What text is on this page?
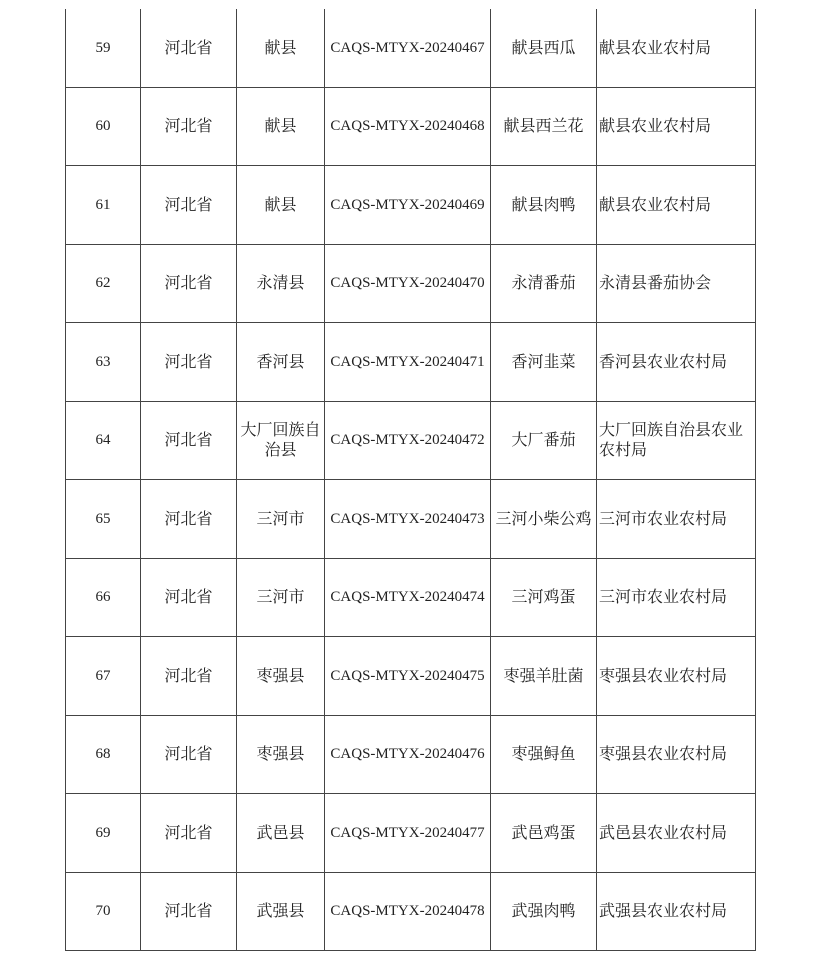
59	河北省	献县	CAQS-MTYX-20240467	献县西瓜	献县农业农村局
60	河北省	献县	CAQS-MTYX-20240468	献县西兰花	献县农业农村局
61	河北省	献县	CAQS-MTYX-20240469	献县肉鸭	献县农业农村局
62	河北省	永清县	CAQS-MTYX-20240470	永清番茄	永清县番茄协会
63	河北省	香河县	CAQS-MTYX-20240471	香河韭菜	香河县农业农村局
64	河北省	大厂回族自治县	CAQS-MTYX-20240472	大厂番茄	大厂回族自治县农业农村局
65	河北省	三河市	CAQS-MTYX-20240473	三河小柴公鸡	三河市农业农村局
66	河北省	三河市	CAQS-MTYX-20240474	三河鸡蛋	三河市农业农村局
67	河北省	枣强县	CAQS-MTYX-20240475	枣强羊肚菌	枣强县农业农村局
68	河北省	枣强县	CAQS-MTYX-20240476	枣强鲟鱼	枣强县农业农村局
69	河北省	武邑县	CAQS-MTYX-20240477	武邑鸡蛋	武邑县农业农村局
70	河北省	武强县	CAQS-MTYX-20240478	武强肉鸭	武强县农业农村局
